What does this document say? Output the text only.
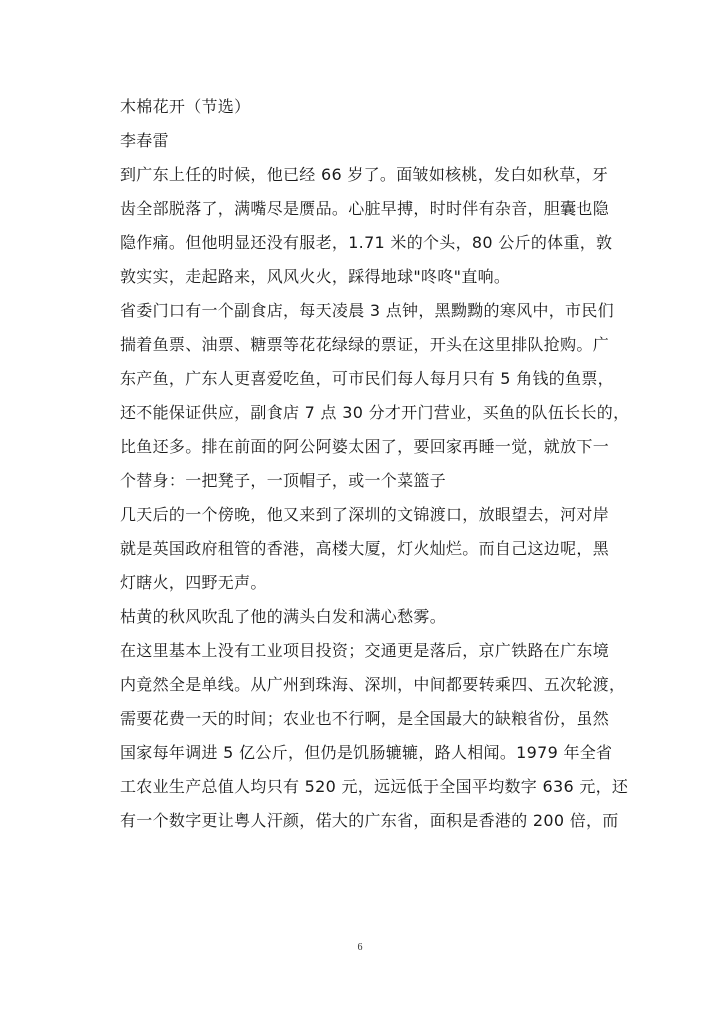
木棉花开（节选）
李春雷
到广东上任的时候，他已经 66 岁了。面皱如核桃，发白如秋草，牙
齿全部脱落了，满嘴尽是赝品。心脏早搏，时时伴有杂音，胆囊也隐
隐作痛。但他明显还没有服老，1.71 米的个头，80 公斤的体重，敦
敦实实，走起路来，风风火火，踩得地球"咚咚"直响。
省委门口有一个副食店，每天凌晨 3 点钟，黑黝黝的寒风中，市民们
揣着鱼票、油票、糖票等花花绿绿的票证，开头在这里排队抢购。广
东产鱼，广东人更喜爱吃鱼，可市民们每人每月只有 5 角钱的鱼票，
还不能保证供应，副食店 7 点 30 分才开门营业，买鱼的队伍长长的，
比鱼还多。排在前面的阿公阿婆太困了，要回家再睡一觉，就放下一
个替身：一把凳子，一顶帽子，或一个菜篮子
几天后的一个傍晚，他又来到了深圳的文锦渡口，放眼望去，河对岸
就是英国政府租管的香港，高楼大厦，灯火灿烂。而自己这边呢，黑
灯瞎火，四野无声。
枯黄的秋风吹乱了他的满头白发和满心愁雾。
在这里基本上没有工业项目投资；交通更是落后，京广铁路在广东境
内竟然全是单线。从广州到珠海、深圳，中间都要转乘四、五次轮渡，
需要花费一天的时间；农业也不行啊，是全国最大的缺粮省份，虽然
国家每年调进 5 亿公斤，但仍是饥肠辘辘，路人相闻。1979 年全省
工农业生产总值人均只有 520 元，远远低于全国平均数字 636 元，还
有一个数字更让粤人汗颜，偌大的广东省，面积是香港的 200 倍，而
6
